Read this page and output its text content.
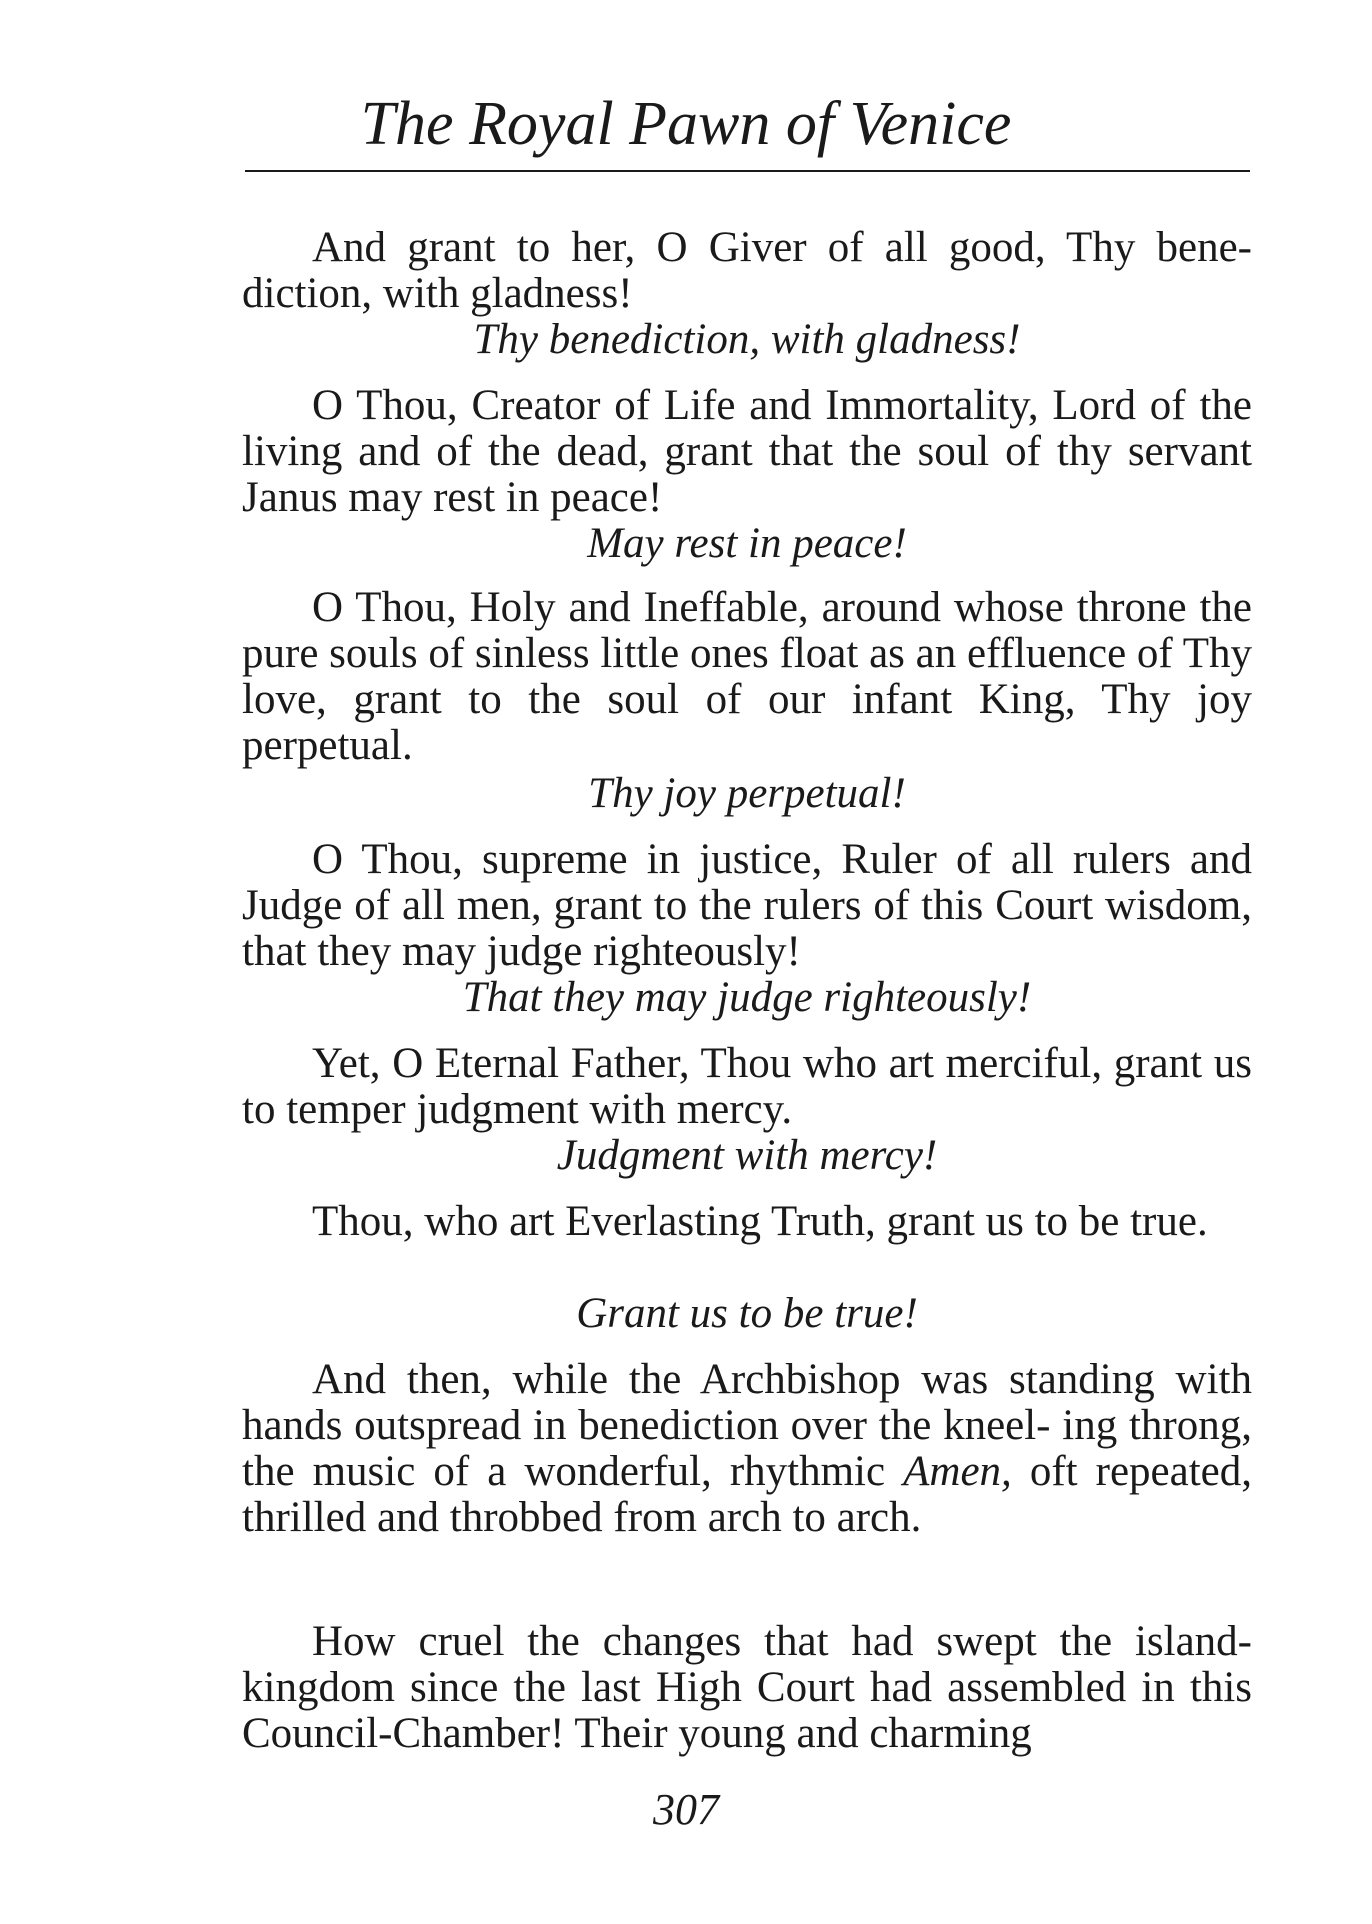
The Royal Pawn of Venice

And grant to her, O Giver of all good, Thy bene- diction, with gladness!

Thy benediction, with gladness!

O Thou, Creator of Life and Immortality, Lord of the living and of the dead, grant that the soul of thy servant Janus may rest in peace!

May rest in peace!

O Thou, Holy and Ineffable, around whose throne the pure souls of sinless little ones float as an effluence of Thy love, grant to the soul of our infant King, Thy joy perpetual.

Thy joy perpetual!

O Thou, supreme in justice, Ruler of all rulers and Judge of all men, grant to the rulers of this Court wisdom, that they may judge righteously!

That they may judge righteously!

Yet, O Eternal Father, Thou who art merciful, grant us to temper judgment with mercy.

Judgment with mercy!

Thou, who art Everlasting Truth, grant us to be true.

Grant us to be true!

And then, while the Archbishop was standing with hands outspread in benediction over the kneel- ing throng, the music of a wonderful, rhythmic Amen, oft repeated, thrilled and throbbed from arch to arch.

How cruel the changes that had swept the island- kingdom since the last High Court had assembled in this Council-Chamber! Their young and charming

307
